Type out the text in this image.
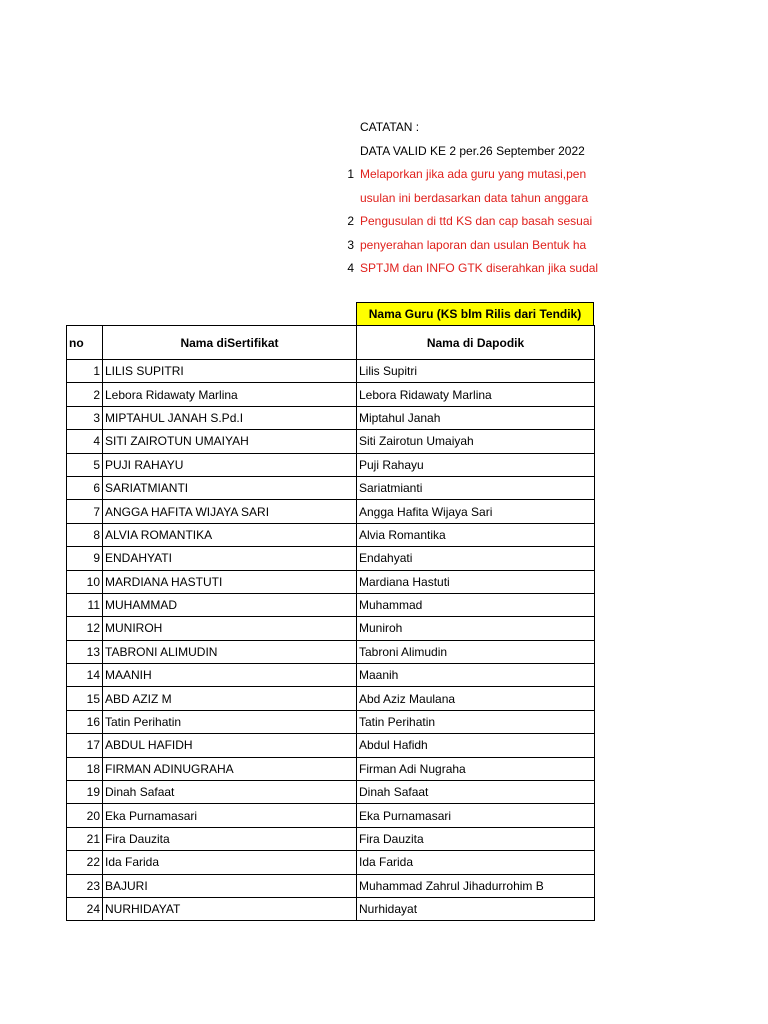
CATATAN :
DATA VALID KE 2 per.26 September 2022
1 Melaporkan jika ada guru yang mutasi,pen
usulan ini berdasarkan data tahun anggara
2 Pengusulan di ttd KS dan cap basah sesuai
3 penyerahan laporan dan usulan Bentuk ha
4 SPTJM dan INFO GTK diserahkan jika sudal
Nama Guru (KS blm Rilis dari Tendik)
no	Nama diSertifikat	Nama di Dapodik
1	LILIS SUPITRI	Lilis Supitri
2	Lebora Ridawaty Marlina	Lebora Ridawaty Marlina
3	MIPTAHUL JANAH S.Pd.I	Miptahul Janah
4	SITI ZAIROTUN UMAIYAH	Siti Zairotun Umaiyah
5	PUJI RAHAYU	Puji Rahayu
6	SARIATMIANTI	Sariatmianti
7	ANGGA HAFITA WIJAYA SARI	Angga Hafita Wijaya Sari
8	ALVIA ROMANTIKA	Alvia Romantika
9	ENDAHYATI	Endahyati
10	MARDIANA HASTUTI	Mardiana Hastuti
11	MUHAMMAD	Muhammad
12	MUNIROH	Muniroh
13	TABRONI ALIMUDIN	Tabroni Alimudin
14	MAANIH	Maanih
15	ABD AZIZ M	Abd Aziz Maulana
16	Tatin Perihatin	Tatin Perihatin
17	ABDUL HAFIDH	Abdul Hafidh
18	FIRMAN ADINUGRAHA	Firman Adi Nugraha
19	Dinah Safaat	Dinah Safaat
20	Eka Purnamasari	Eka Purnamasari
21	Fira Dauzita	Fira Dauzita
22	Ida Farida	Ida Farida
23	BAJURI	Muhammad Zahrul Jihadurrohim B
24	NURHIDAYAT	Nurhidayat
